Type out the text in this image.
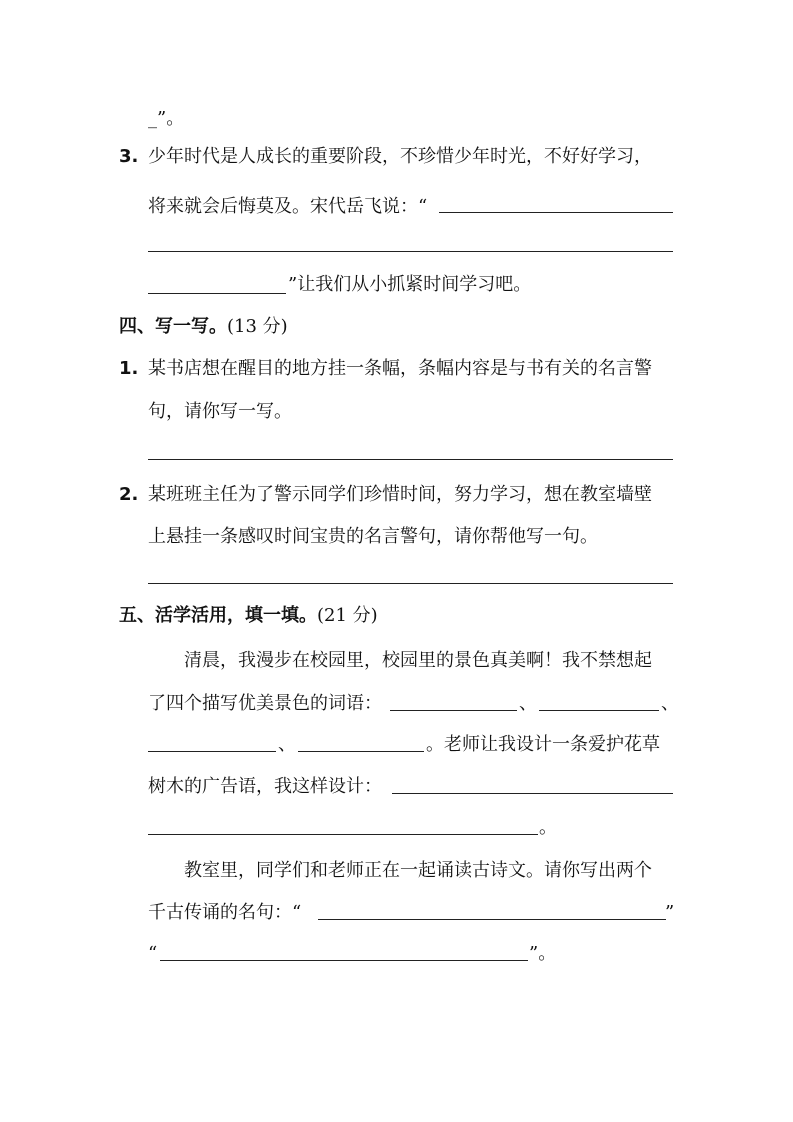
_”。
3. 少年时代是人成长的重要阶段，不珍惜少年时光，不好好学习，
将来就会后悔莫及。宋代岳飞说：“
”让我们从小抓紧时间学习吧。
四、写一写。(13 分)
1. 某书店想在醒目的地方挂一条幅，条幅内容是与书有关的名言警
句，请你写一写。
2. 某班班主任为了警示同学们珍惜时间，努力学习，想在教室墙壁
上悬挂一条感叹时间宝贵的名言警句，请你帮他写一句。
五、活学活用，填一填。(21 分)
清晨，我漫步在校园里，校园里的景色真美啊！我不禁想起
了四个描写优美景色的词语：	、	、
、	。老师让我设计一条爱护花草
树木的广告语，我这样设计：
。
教室里，同学们和老师正在一起诵读古诗文。请你写出两个
千古传诵的名句：“	”
“	”。
